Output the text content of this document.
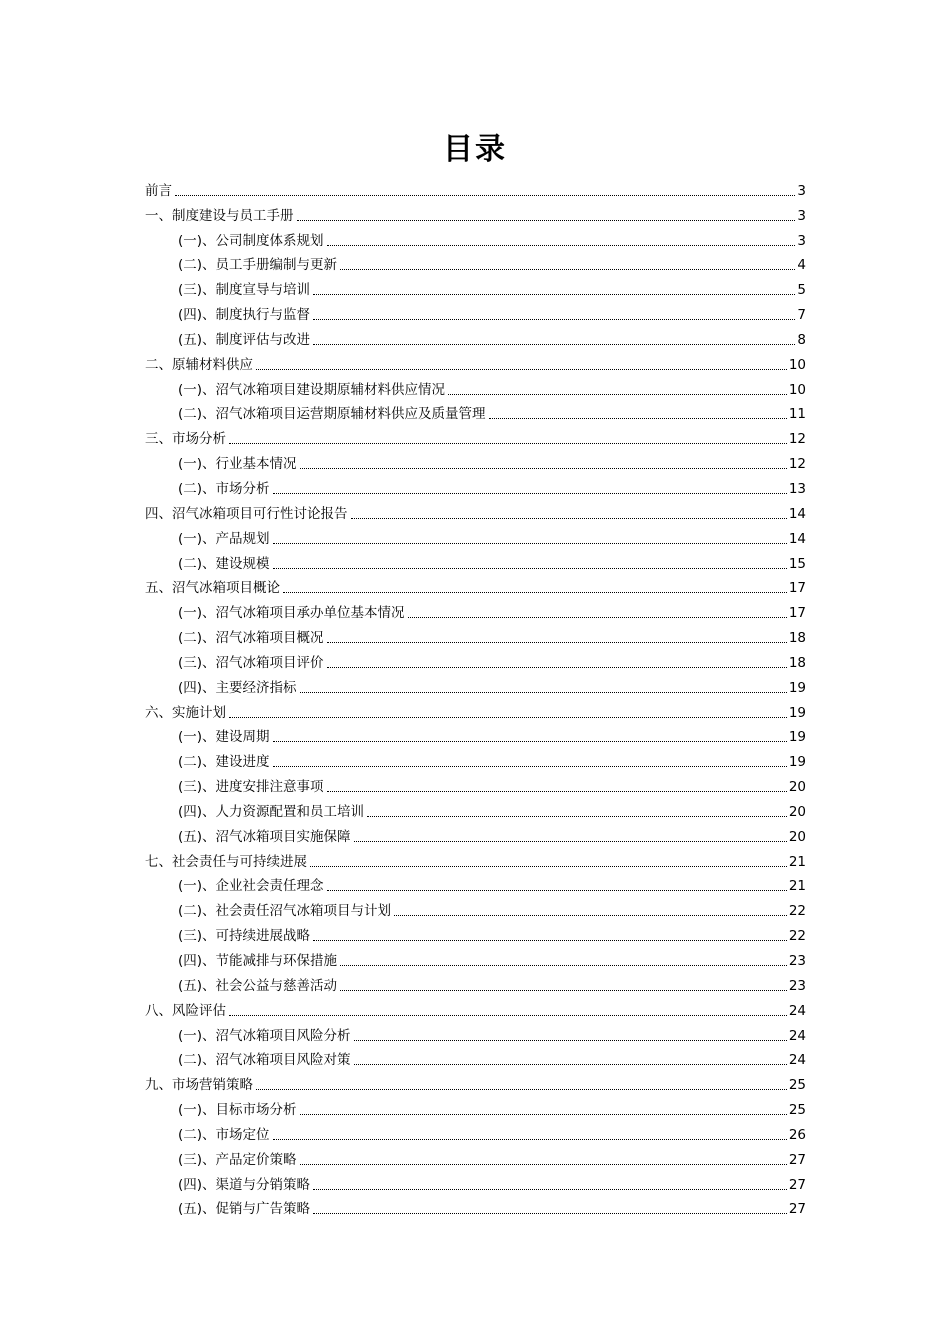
目录
前言	3
一、制度建设与员工手册	3
(一)、公司制度体系规划	3
(二)、员工手册编制与更新	4
(三)、制度宣导与培训	5
(四)、制度执行与监督	7
(五)、制度评估与改进	8
二、原辅材料供应	10
(一)、沼气冰箱项目建设期原辅材料供应情况	10
(二)、沼气冰箱项目运营期原辅材料供应及质量管理	11
三、市场分析	12
(一)、行业基本情况	12
(二)、市场分析	13
四、沼气冰箱项目可行性讨论报告	14
(一)、产品规划	14
(二)、建设规模	15
五、沼气冰箱项目概论	17
(一)、沼气冰箱项目承办单位基本情况	17
(二)、沼气冰箱项目概况	18
(三)、沼气冰箱项目评价	18
(四)、主要经济指标	19
六、实施计划	19
(一)、建设周期	19
(二)、建设进度	19
(三)、进度安排注意事项	20
(四)、人力资源配置和员工培训	20
(五)、沼气冰箱项目实施保障	20
七、社会责任与可持续进展	21
(一)、企业社会责任理念	21
(二)、社会责任沼气冰箱项目与计划	22
(三)、可持续进展战略	22
(四)、节能减排与环保措施	23
(五)、社会公益与慈善活动	23
八、风险评估	24
(一)、沼气冰箱项目风险分析	24
(二)、沼气冰箱项目风险对策	24
九、市场营销策略	25
(一)、目标市场分析	25
(二)、市场定位	26
(三)、产品定价策略	27
(四)、渠道与分销策略	27
(五)、促销与广告策略	27
